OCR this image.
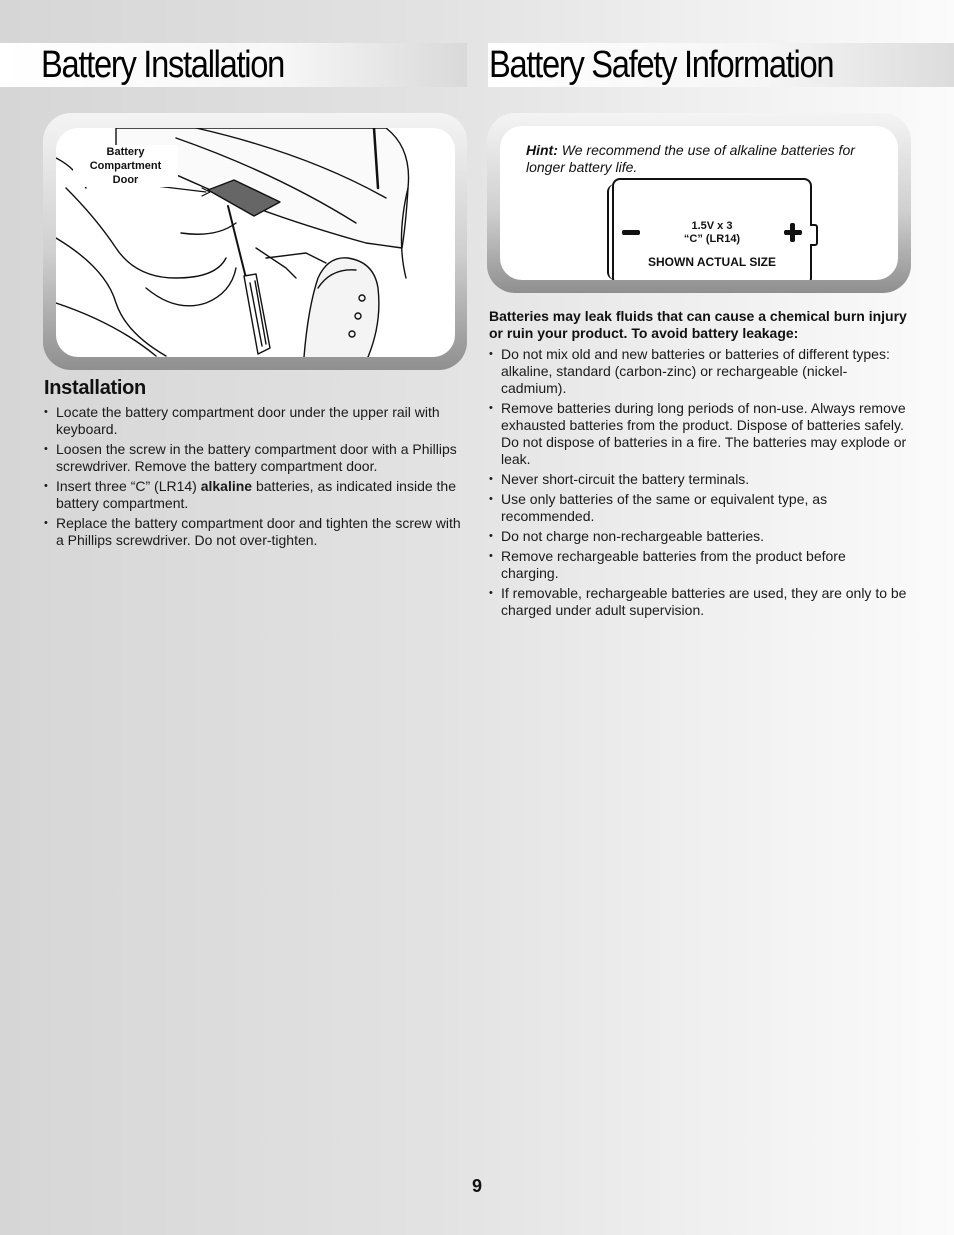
Battery Installation	Battery Safety Information
Battery
Compartment
Door
Installation
• Locate the battery compartment door under the upper rail with keyboard.
• Loosen the screw in the battery compartment door with a Phillips screwdriver. Remove the battery compartment door.
• Insert three “C” (LR14) alkaline batteries, as indicated inside the battery compartment.
• Replace the battery compartment door and tighten the screw with a Phillips screwdriver. Do not over-tighten.
Hint: We recommend the use of alkaline batteries for longer battery life.
1.5V x 3
“C” (LR14)
SHOWN ACTUAL SIZE

Batteries may leak fluids that can cause a chemical burn injury or ruin your product. To avoid battery leakage:

• Do not mix old and new batteries or batteries of different types: alkaline, standard (carbon-zinc) or rechargeable (nickel-cadmium).
• Remove batteries during long periods of non-use. Always remove exhausted batteries from the product. Dispose of batteries safely. Do not dispose of batteries in a fire. The batteries may explode or leak.
• Never short-circuit the battery terminals.
• Use only batteries of the same or equivalent type, as recommended.
• Do not charge non-rechargeable batteries.
• Remove rechargeable batteries from the product before charging.
• If removable, rechargeable batteries are used, they are only to be charged under adult supervision.
9
